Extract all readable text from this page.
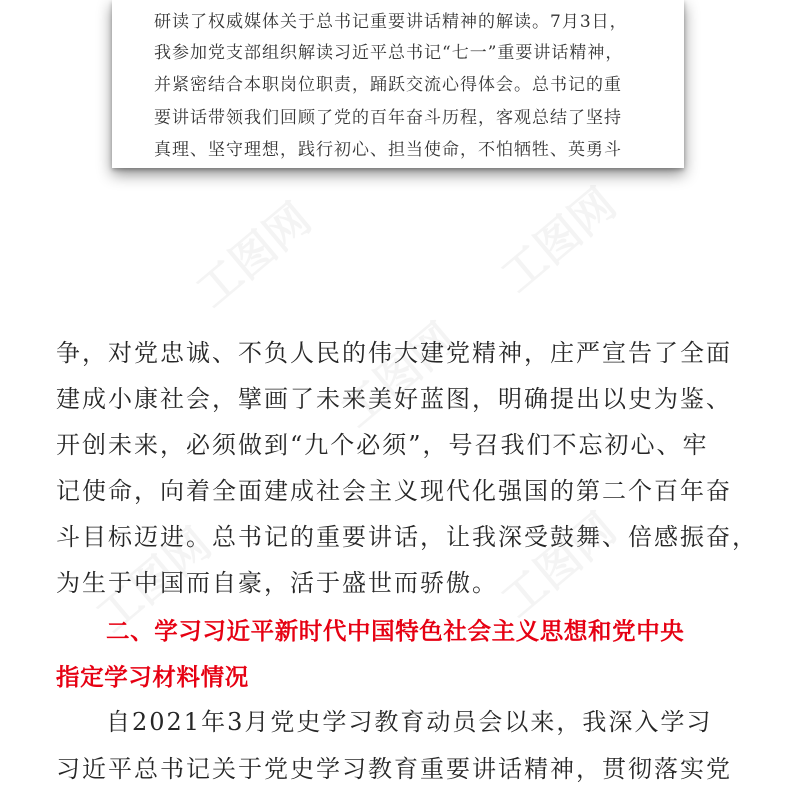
研读了权威媒体关于总书记重要讲话精神的解读。7月3日，
我参加党支部组织解读习近平总书记“七一”重要讲话精神，
并紧密结合本职岗位职责，踊跃交流心得体会。总书记的重
要讲话带领我们回顾了党的百年奋斗历程，客观总结了坚持
真理、坚守理想，践行初心、担当使命，不怕牺牲、英勇斗
争，对党忠诚、不负人民的伟大建党精神，庄严宣告了全面
建成小康社会，擘画了未来美好蓝图，明确提出以史为鉴、
开创未来，必须做到“九个必须”，号召我们不忘初心、牢
记使命，向着全面建成社会主义现代化强国的第二个百年奋
斗目标迈进。总书记的重要讲话，让我深受鼓舞、倍感振奋，
为生于中国而自豪，活于盛世而骄傲。
二、学习习近平新时代中国特色社会主义思想和党中央
指定学习材料情况
自2021年3月党史学习教育动员会以来，我深入学习
习近平总书记关于党史学习教育重要讲话精神，贯彻落实党
